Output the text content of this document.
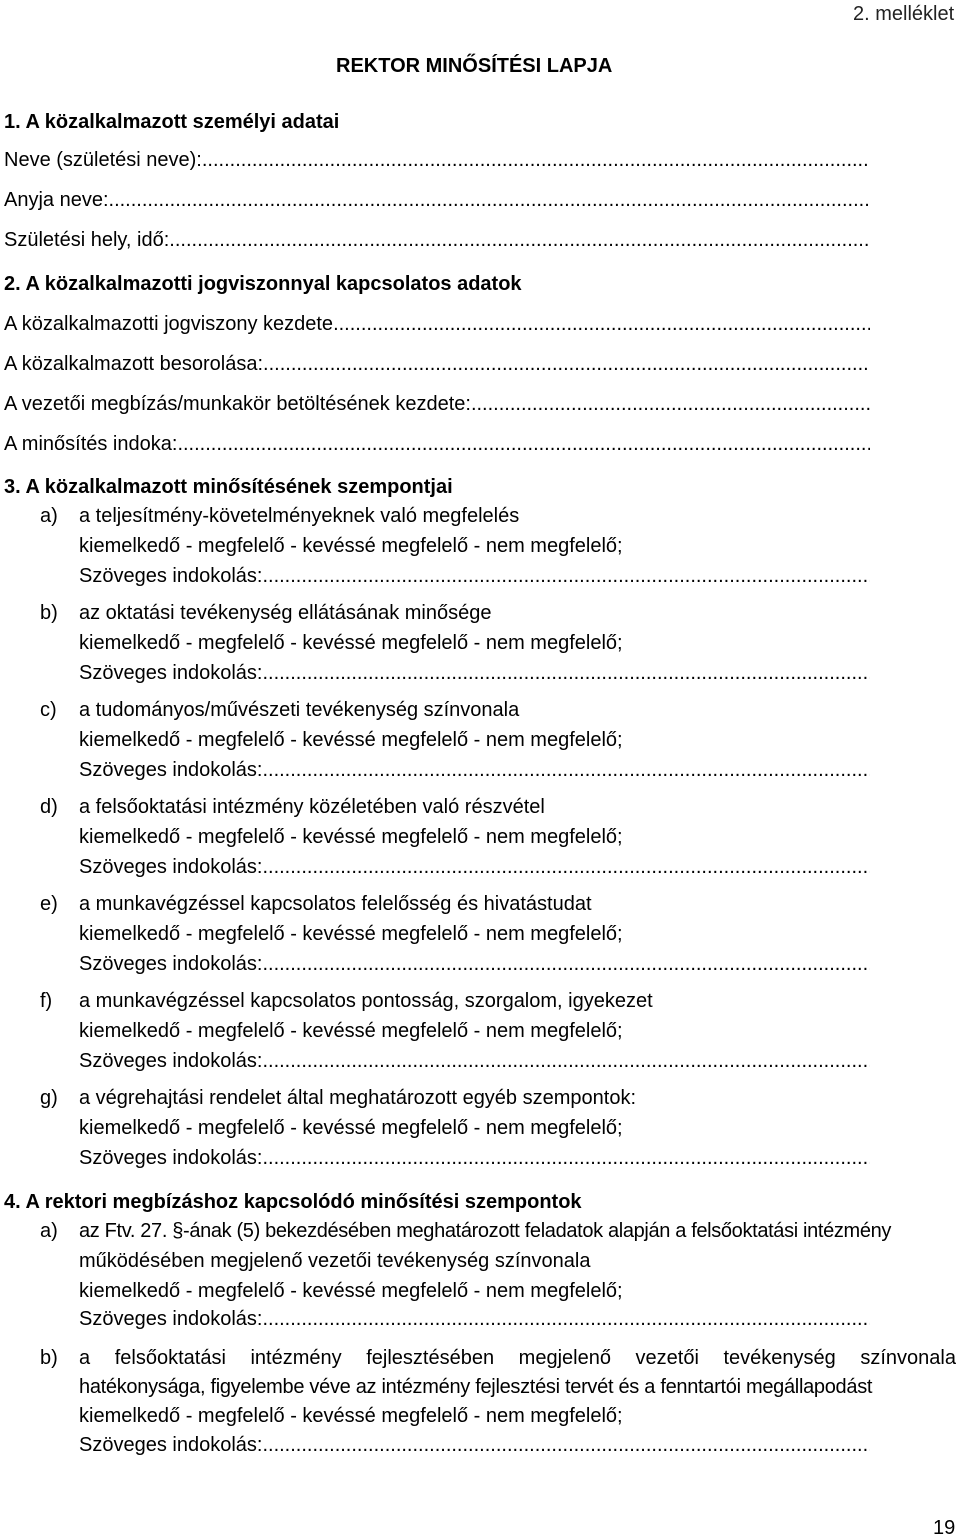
2. melléklet
REKTOR MINŐSÍTÉSI LAPJA
1. A közalkalmazott személyi adatai
Neve (születési neve):
.....
Anyja neve:
.....
Születési hely, idő:
.....
2. A közalkalmazotti jogviszonnyal kapcsolatos adatok
A közalkalmazotti jogviszony kezdete
.....
A közalkalmazott besorolása:
.....
A vezetői megbízás/munkakör betöltésének kezdete:
.....
A minősítés indoka:
.....
3. A közalkalmazott minősítésének szempontjai
a) a teljesítmény-követelményeknek való megfelelés
kiemelkedő - megfelelő - kevéssé megfelelő - nem megfelelő;
Szöveges indokolás:
.....
b) az oktatási tevékenység ellátásának minősége
kiemelkedő - megfelelő - kevéssé megfelelő - nem megfelelő;
Szöveges indokolás:
.....
c) a tudományos/művészeti tevékenység színvonala
kiemelkedő - megfelelő - kevéssé megfelelő - nem megfelelő;
Szöveges indokolás:
.....
d) a felsőoktatási intézmény közéletében való részvétel
kiemelkedő - megfelelő - kevéssé megfelelő - nem megfelelő;
Szöveges indokolás:
.....
e) a munkavégzéssel kapcsolatos felelősség és hivatástudat
kiemelkedő - megfelelő - kevéssé megfelelő - nem megfelelő;
Szöveges indokolás:
.....
f) a munkavégzéssel kapcsolatos pontosság, szorgalom, igyekezet
kiemelkedő - megfelelő - kevéssé megfelelő - nem megfelelő;
Szöveges indokolás:
.....
g) a végrehajtási rendelet által meghatározott egyéb szempontok:
kiemelkedő - megfelelő - kevéssé megfelelő - nem megfelelő;
Szöveges indokolás:
.....
4. A rektori megbízáshoz kapcsolódó minősítési szempontok
a) az Ftv. 27. §-ának (5) bekezdésében meghatározott feladatok alapján a felsőoktatási intézmény
működésében megjelenő vezetői tevékenység színvonala
kiemelkedő - megfelelő - kevéssé megfelelő - nem megfelelő;
Szöveges indokolás:
.....
b) a felsőoktatási intézmény fejlesztésében megjelenő vezetői tevékenység színvonala
hatékonysága, figyelembe véve az intézmény fejlesztési tervét és a fenntartói megállapodást
kiemelkedő - megfelelő - kevéssé megfelelő - nem megfelelő;
Szöveges indokolás:
.....
19
